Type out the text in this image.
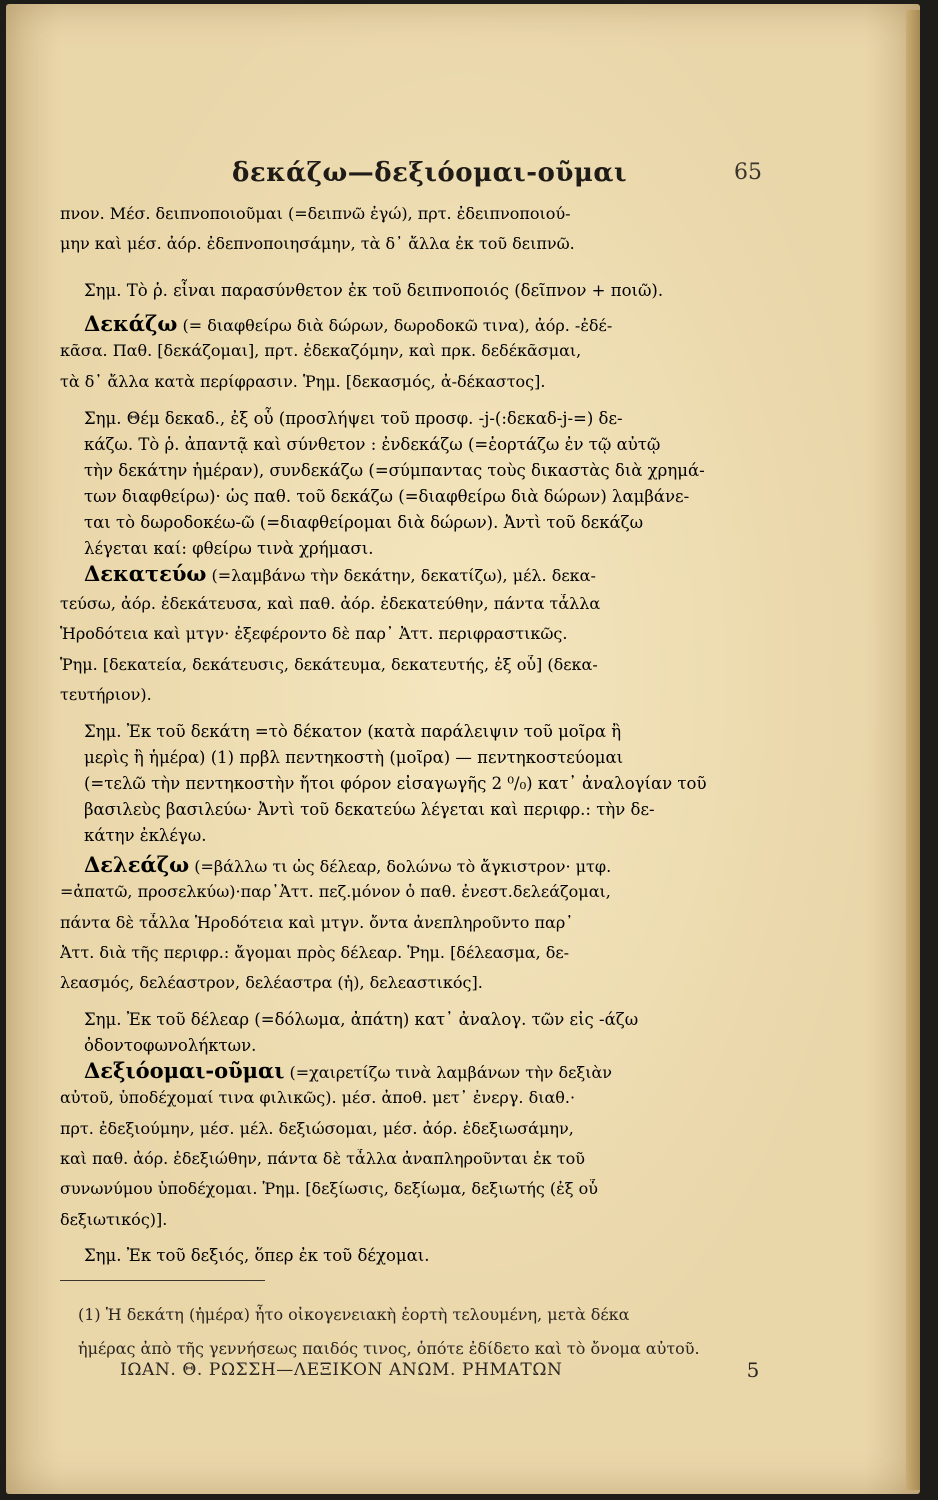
δεκάζω—δεξιόομαι-οῦμαι	65
πνον. Μέσ. δειπνοποιοῦμαι (=δειπνῶ ἐγώ), πρτ. ἐδειπνοποιού-
μην καὶ μέσ. ἀόρ. ἐδεπνοποιησάμην, τὰ δ᾽ ἄλλα ἐκ τοῦ δειπνῶ.
Σημ. Τὸ ῥ. εἶναι παρασύνθετον ἐκ τοῦ δειπνοποιός (δεῖπνον + ποιῶ).
Δεκάζω (= διαφθείρω διὰ δώρων, δωροδοκῶ τινα), ἀόρ. -ἐδέ-
κᾶσα. Παθ. [δεκάζομαι], πρτ. ἐδεκαζόμην, καὶ πρκ. δεδέκᾶσμαι,
τὰ δ᾽ ἄλλα κατὰ περίφρασιν. Ῥημ. [δεκασμός, ἀ-δέκαστος].
Σημ. Θέμ δεκαδ., ἐξ οὗ (προσλήψει τοῦ προσφ. -j-(:δεκαδ-j-=) δε-
κάζω. Τὸ ῥ. ἀπαντᾷ καὶ σύνθετον : ἐνδεκάζω (=ἑορτάζω ἐν τῷ αὐτῷ
τὴν δεκάτην ἡμέραν), συνδεκάζω (=σύμπαντας τοὺς δικαστὰς διὰ χρημά-
των διαφθείρω)· ὡς παθ. τοῦ δεκάζω (=διαφθείρω διὰ δώρων) λαμβάνε-
ται τὸ δωροδοκέω-ῶ (=διαφθείρομαι διὰ δώρων). Ἀντὶ τοῦ δεκάζω
λέγεται καί: φθείρω τινὰ χρήμασι.
Δεκατεύω (=λαμβάνω τὴν δεκάτην, δεκατίζω), μέλ. δεκα-
τεύσω, ἀόρ. ἐδεκάτευσα, καὶ παθ. ἀόρ. ἐδεκατεύθην, πάντα τἆλλα
Ἡροδότεια καὶ μτγν· ἐξεφέροντο δὲ παρ᾽ Ἀττ. περιφραστικῶς.
Ῥημ. [δεκατεία, δεκάτευσις, δεκάτευμα, δεκατευτής, ἐξ οὗ] (δεκα-
τευτήριον).
Σημ. Ἐκ τοῦ δεκάτη =τὸ δέκατον (κατὰ παράλειψιν τοῦ μοῖρα ἢ
μερὶς ἢ ἡμέρα) (1) πρβλ πεντηκοστὴ (μοῖρα) — πεντηκοστεύομαι
(=τελῶ τὴν πεντηκοστὴν ἤτοι φόρον εἰσαγωγῆς 2 ⁰/₀) κατ᾽ ἀναλογίαν τοῦ
βασιλεὺς βασιλεύω· Ἀντὶ τοῦ δεκατεύω λέγεται καὶ περιφρ.: τὴν δε-
κάτην ἐκλέγω.
Δελεάζω (=βάλλω τι ὡς δέλεαρ, δολώνω τὸ ἄγκιστρον· μτφ.
=ἀπατῶ, προσελκύω)·παρ᾽Ἀττ. πεζ.μόνον ὁ παθ. ἐνεστ.δελεάζομαι,
πάντα δὲ τἆλλα Ἡροδότεια καὶ μτγν. ὄντα ἀνεπληροῦντο παρ᾽
Ἀττ. διὰ τῆς περιφρ.: ἄγομαι πρὸς δέλεαρ. Ῥημ. [δέλεασμα, δε-
λεασμός, δελέαστρον, δελέαστρα (ἡ), δελεαστικός].
Σημ. Ἐκ τοῦ δέλεαρ (=δόλωμα, ἀπάτη) κατ᾽ ἀναλογ. τῶν εἰς -άζω
ὀδοντοφωνολήκτων.
Δεξιόομαι-οῦμαι (=χαιρετίζω τινὰ λαμβάνων τὴν δεξιὰν
αὐτοῦ, ὑποδέχομαί τινα φιλικῶς). μέσ. ἀποθ. μετ᾽ ἐνεργ. διαθ.·
πρτ. ἐδεξιούμην, μέσ. μέλ. δεξιώσομαι, μέσ. ἀόρ. ἐδεξιωσάμην,
καὶ παθ. ἀόρ. ἐδεξιώθην, πάντα δὲ τἆλλα ἀναπληροῦνται ἐκ τοῦ
συνωνύμου ὑποδέχομαι. Ῥημ. [δεξίωσις, δεξίωμα, δεξιωτής (ἐξ οὗ
δεξιωτικός)].
Σημ. Ἐκ τοῦ δεξιός, ὅπερ ἐκ τοῦ δέχομαι.
(1) Ἡ δεκάτη (ἡμέρα) ἦτο οἰκογενειακὴ ἑορτὴ τελουμένη, μετὰ δέκα ἡμέρας ἀπὸ τῆς γεννήσεως παιδός τινος, ὁπότε ἐδίδετο καὶ τὸ ὄνομα αὐτοῦ.
ΙΩΑΝ. Θ. ΡΩΣΣΗ—ΛΕΞΙΚΟΝ ΑΝΩΜ. ΡΗΜΑΤΩΝ	5
